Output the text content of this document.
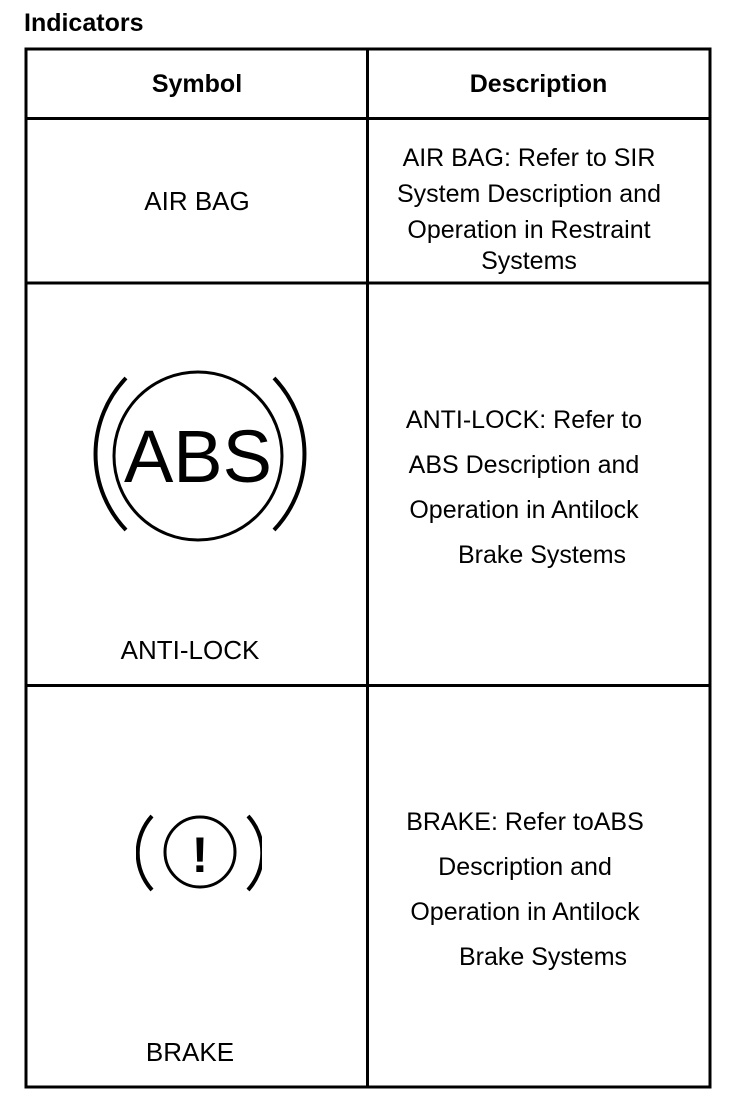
Indicators
Symbol	Description
AIR BAG
AIR BAG: Refer to SIR
System Description and
Operation in Restraint
Systems
ABS
ANTI-LOCK
ANTI-LOCK: Refer to
ABS Description and
Operation in Antilock
Brake Systems
!
BRAKE
BRAKE: Refer toABS
Description and
Operation in Antilock
Brake Systems
